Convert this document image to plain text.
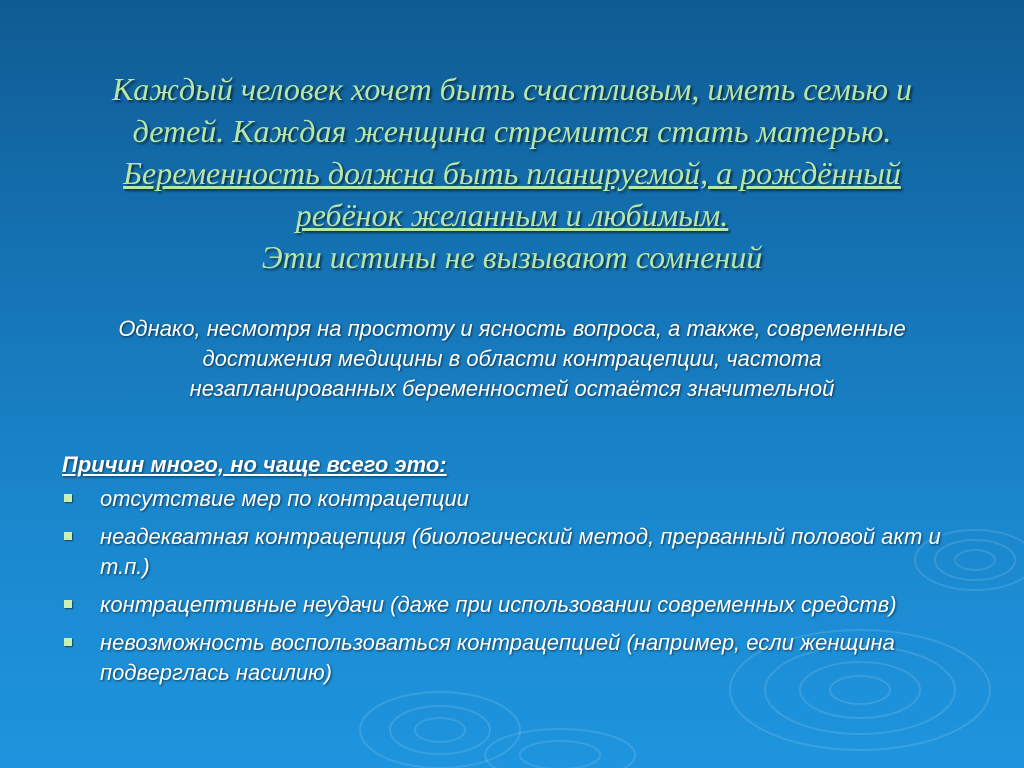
Каждый человек хочет быть счастливым, иметь семью и
детей. Каждая женщина стремится стать матерью.
Беременность должна быть планируемой, а рождённый
ребёнок желанным и любимым.
Эти истины не вызывают сомнений
Однако, несмотря на простоту и ясность вопроса, а также, современные
достижения медицины в области контрацепции, частота
незапланированных беременностей остаётся значительной
Причин много, но чаще всего это:
отсутствие мер по контрацепции
неадекватная контрацепция (биологический метод, прерванный половой акт и т.п.)
контрацептивные неудачи (даже при использовании современных средств)
невозможность воспользоваться контрацепцией (например, если женщина подверглась насилию)
